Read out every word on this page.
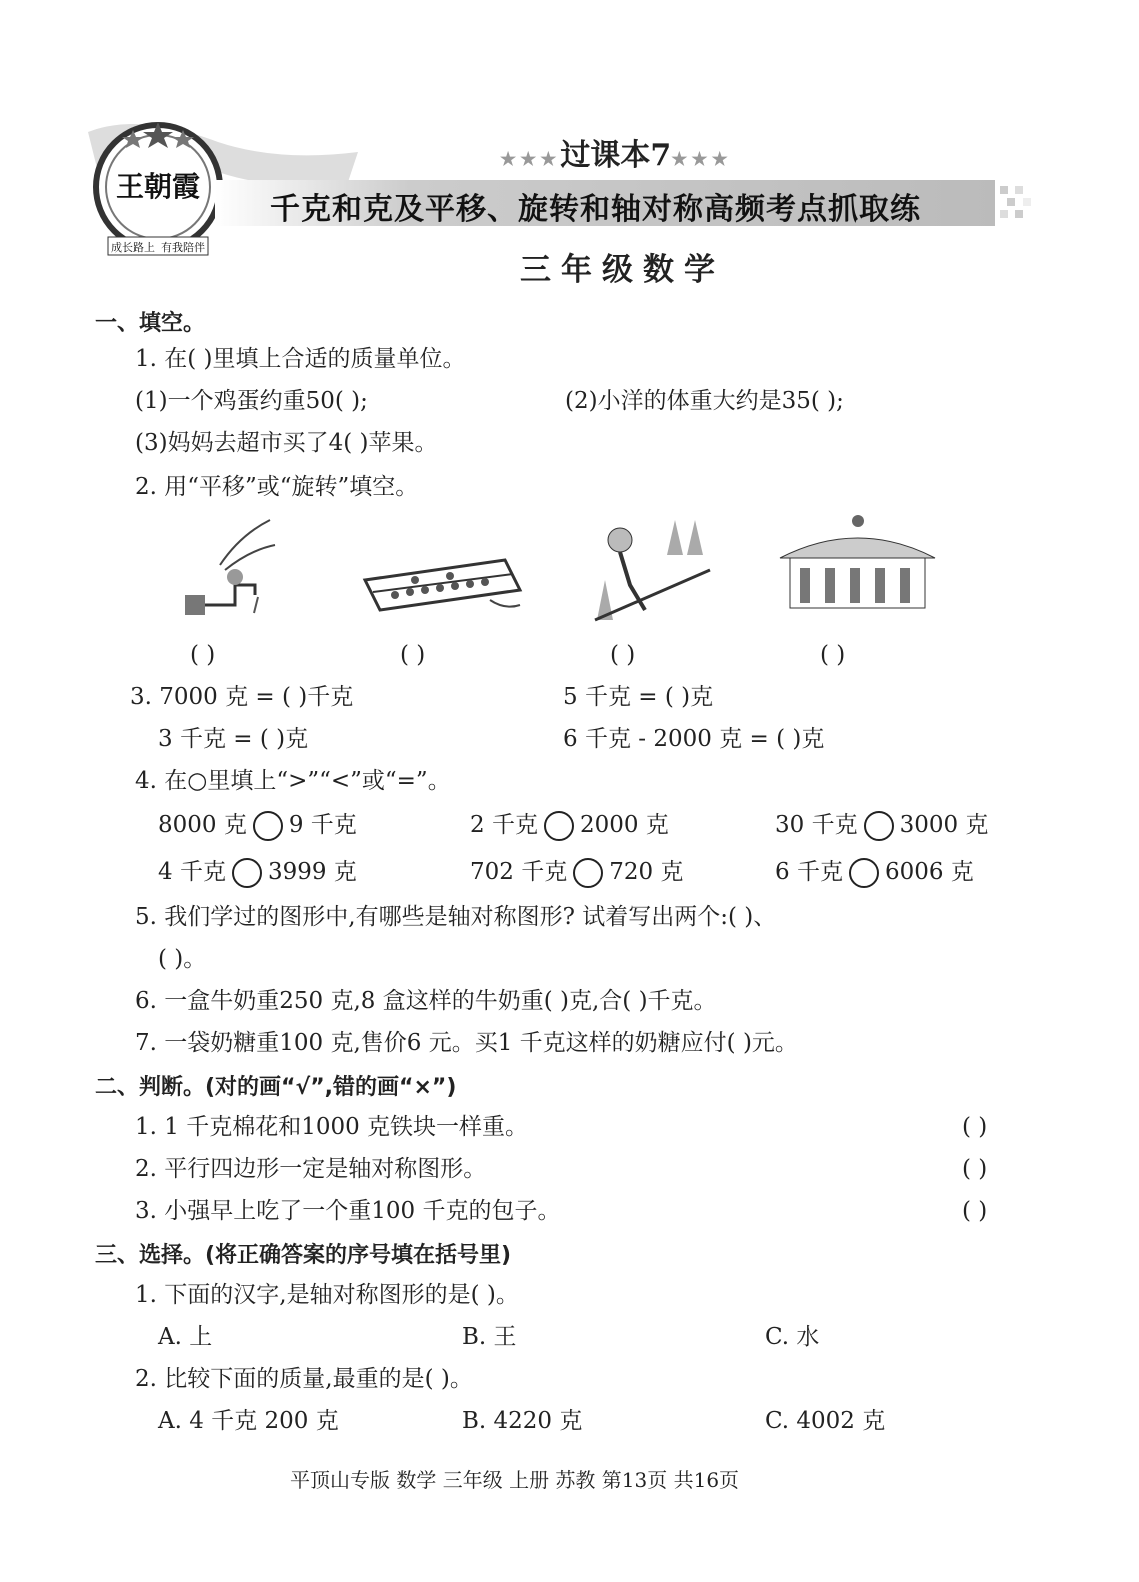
王朝霞
成长路上 有我陪伴
★★★过课本7★★★
千克和克及平移、旋转和轴对称高频考点抓取练
三年级数学
一、填空。
1. 在( )里填上合适的质量单位。
(1)一个鸡蛋约重50( );	(2)小洋的体重大约是35( );
(3)妈妈去超市买了4( )苹果。
2. 用“平移”或“旋转”填空。
( )	( )	( )	( )
3. 7000 克 = ( )千克	5 千克 = ( )克
3 千克 = ( )克	6 千克 - 2000 克 = ( )克
4. 在○里填上“>”“<”或“=”。
8000 克 9 千克	2 千克 2000 克	30 千克 3000 克
4 千克 3999 克	702 千克 720 克	6 千克 6006 克
5. 我们学过的图形中,有哪些是轴对称图形? 试着写出两个:( )、
( )。
6. 一盒牛奶重250 克,8 盒这样的牛奶重( )克,合( )千克。
7. 一袋奶糖重100 克,售价6 元。买1 千克这样的奶糖应付( )元。
二、判断。(对的画“√”,错的画“×”)
1. 1 千克棉花和1000 克铁块一样重。	( )
2. 平行四边形一定是轴对称图形。	( )
3. 小强早上吃了一个重100 千克的包子。	( )
三、选择。(将正确答案的序号填在括号里)
1. 下面的汉字,是轴对称图形的是( )。
A. 上	B. 王	C. 水
2. 比较下面的质量,最重的是( )。
A. 4 千克 200 克	B. 4220 克	C. 4002 克
平顶山专版 数学 三年级 上册 苏教 第13页 共16页
